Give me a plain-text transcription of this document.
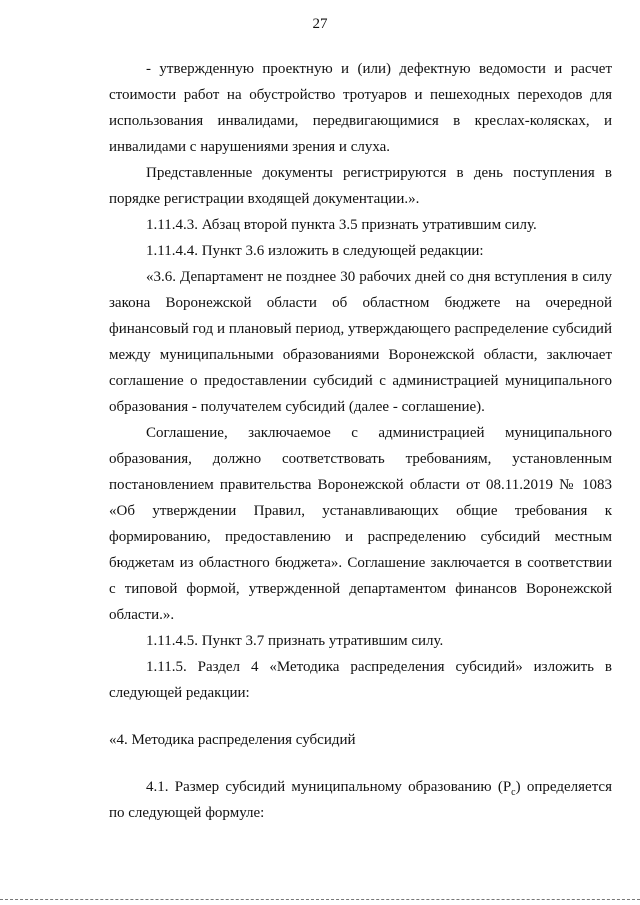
27

- утвержденную проектную и (или) дефектную ведомости и расчет стоимости работ на обустройство тротуаров и пешеходных переходов для использования инвалидами, передвигающимися в креслах-колясках, и инвалидами с нарушениями зрения и слуха.

Представленные документы регистрируются в день поступления в порядке регистрации входящей документации.».

1.11.4.3. Абзац второй пункта 3.5 признать утратившим силу.

1.11.4.4. Пункт 3.6 изложить в следующей редакции:

«3.6. Департамент не позднее 30 рабочих дней со дня вступления в силу закона Воронежской области об областном бюджете на очередной финансовый год и плановый период, утверждающего распределение субсидий между муниципальными образованиями Воронежской области, заключает соглашение о предоставлении субсидий с администрацией муниципального образования - получателем субсидий (далее - соглашение).

Соглашение, заключаемое с администрацией муниципального образования, должно соответствовать требованиям, установленным постановлением правительства Воронежской области от 08.11.2019 № 1083 «Об утверждении Правил, устанавливающих общие требования к формированию, предоставлению и распределению субсидий местным бюджетам из областного бюджета». Соглашение заключается в соответствии с типовой формой, утвержденной департаментом финансов Воронежской области.».

1.11.4.5. Пункт 3.7 признать утратившим силу.

1.11.5. Раздел 4 «Методика распределения субсидий» изложить в следующей редакции:

«4. Методика распределения субсидий

4.1. Размер субсидий муниципальному образованию $(P_c)$ определяется по следующей формуле:
